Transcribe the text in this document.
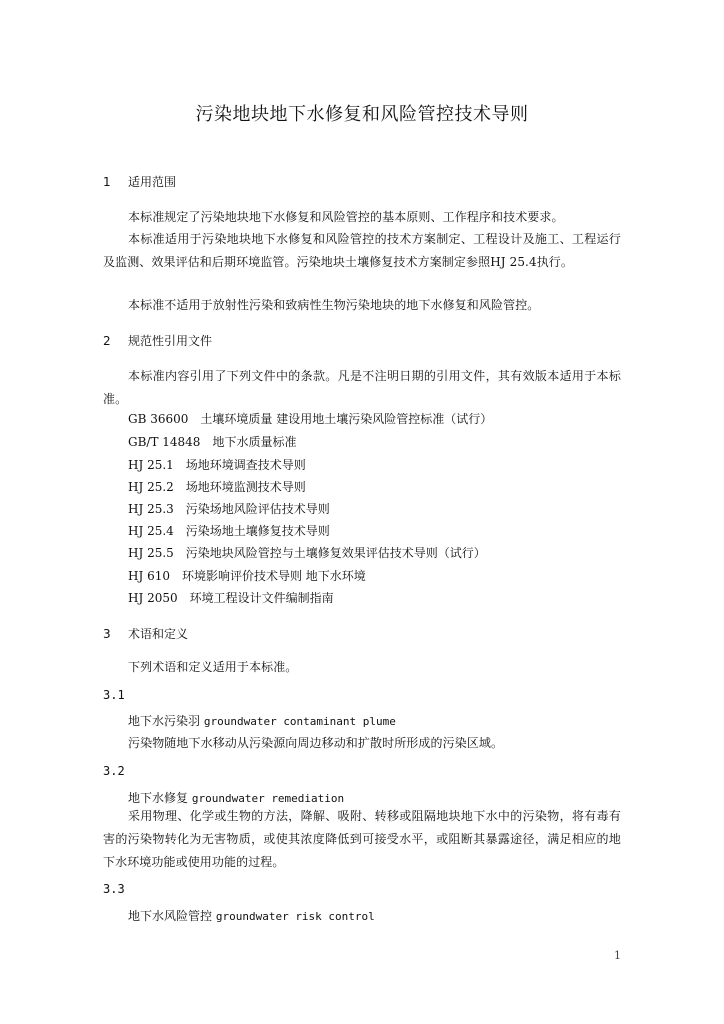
污染地块地下水修复和风险管控技术导则
1 适用范围
本标准规定了污染地块地下水修复和风险管控的基本原则、工作程序和技术要求。
本标准适用于污染地块地下水修复和风险管控的技术方案制定、工程设计及施工、工程运行及监测、效果评估和后期环境监管。污染地块土壤修复技术方案制定参照HJ 25.4执行。
本标准不适用于放射性污染和致病性生物污染地块的地下水修复和风险管控。
2 规范性引用文件
本标准内容引用了下列文件中的条款。凡是不注明日期的引用文件，其有效版本适用于本标准。
GB 36600　土壤环境质量 建设用地土壤污染风险管控标准（试行）
GB/T 14848　地下水质量标准
HJ 25.1　场地环境调查技术导则
HJ 25.2　场地环境监测技术导则
HJ 25.3　污染场地风险评估技术导则
HJ 25.4　污染场地土壤修复技术导则
HJ 25.5　污染地块风险管控与土壤修复效果评估技术导则（试行）
HJ 610　环境影响评价技术导则 地下水环境
HJ 2050　环境工程设计文件编制指南
3 术语和定义
下列术语和定义适用于本标准。
3.1
地下水污染羽 groundwater contaminant plume
污染物随地下水移动从污染源向周边移动和扩散时所形成的污染区域。
3.2
地下水修复 groundwater remediation
采用物理、化学或生物的方法，降解、吸附、转移或阻隔地块地下水中的污染物，将有毒有害的污染物转化为无害物质，或使其浓度降低到可接受水平，或阻断其暴露途径，满足相应的地下水环境功能或使用功能的过程。
3.3
地下水风险管控 groundwater risk control
1
